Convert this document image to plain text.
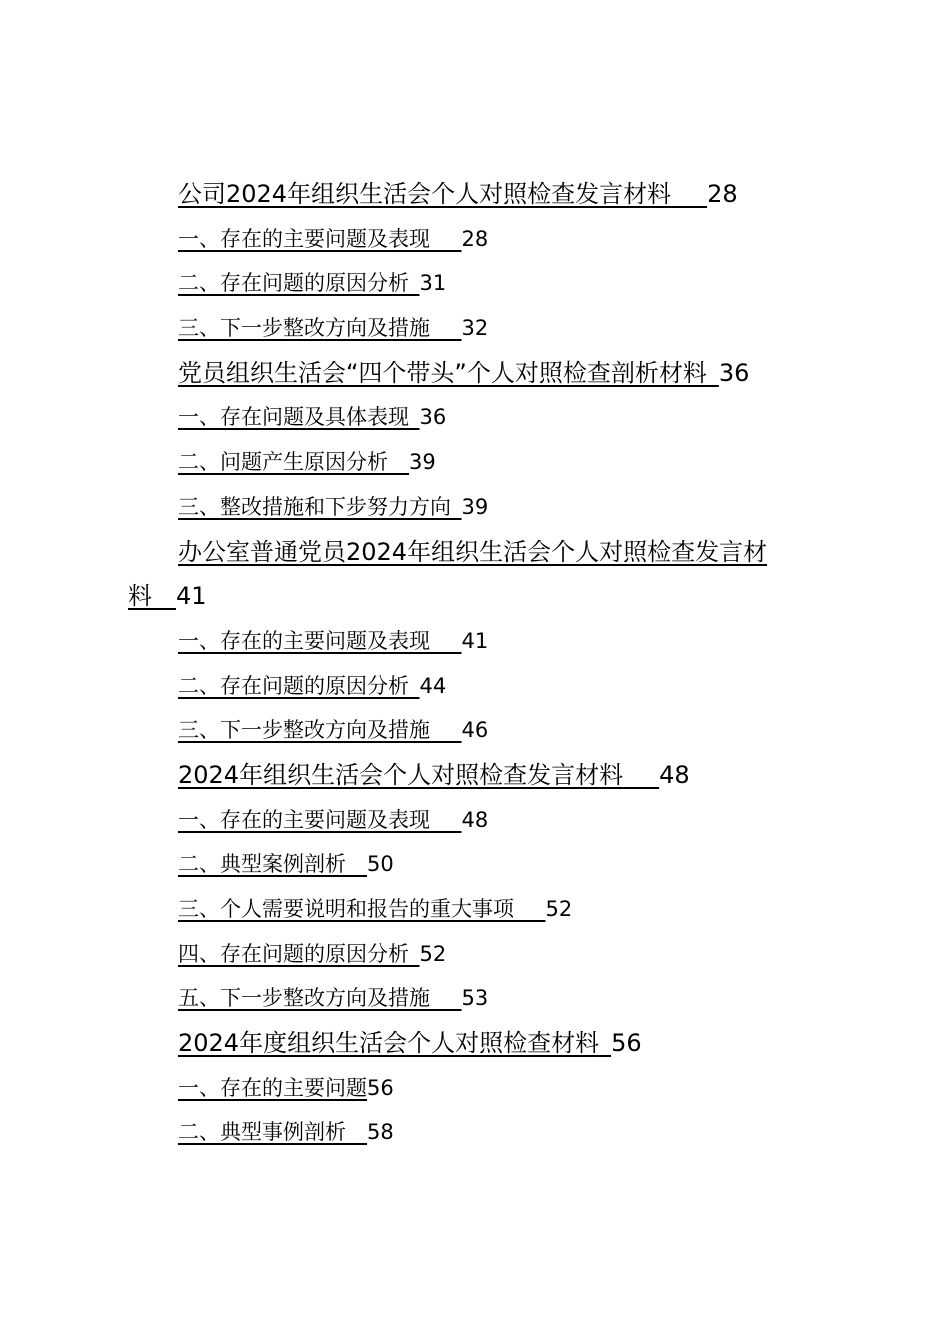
公司2024年组织生活会个人对照检查发言材料    28
一、存在的主要问题及表现    28
二、存在问题的原因分析  31
三、下一步整改方向及措施    32
党员组织生活会“四个带头”个人对照检查剖析材料  36
一、存在问题及具体表现  36
二、问题产生原因分析   39
三、整改措施和下步努力方向  39
办公室普通党员2024年组织生活会个人对照检查发言材
料   41
一、存在的主要问题及表现    41
二、存在问题的原因分析  44
三、下一步整改方向及措施    46
2024年组织生活会个人对照检查发言材料    48
一、存在的主要问题及表现    48
二、典型案例剖析   50
三、个人需要说明和报告的重大事项    52
四、存在问题的原因分析  52
五、下一步整改方向及措施    53
2024年度组织生活会个人对照检查材料  56
一、存在的主要问题56
二、典型事例剖析   58
